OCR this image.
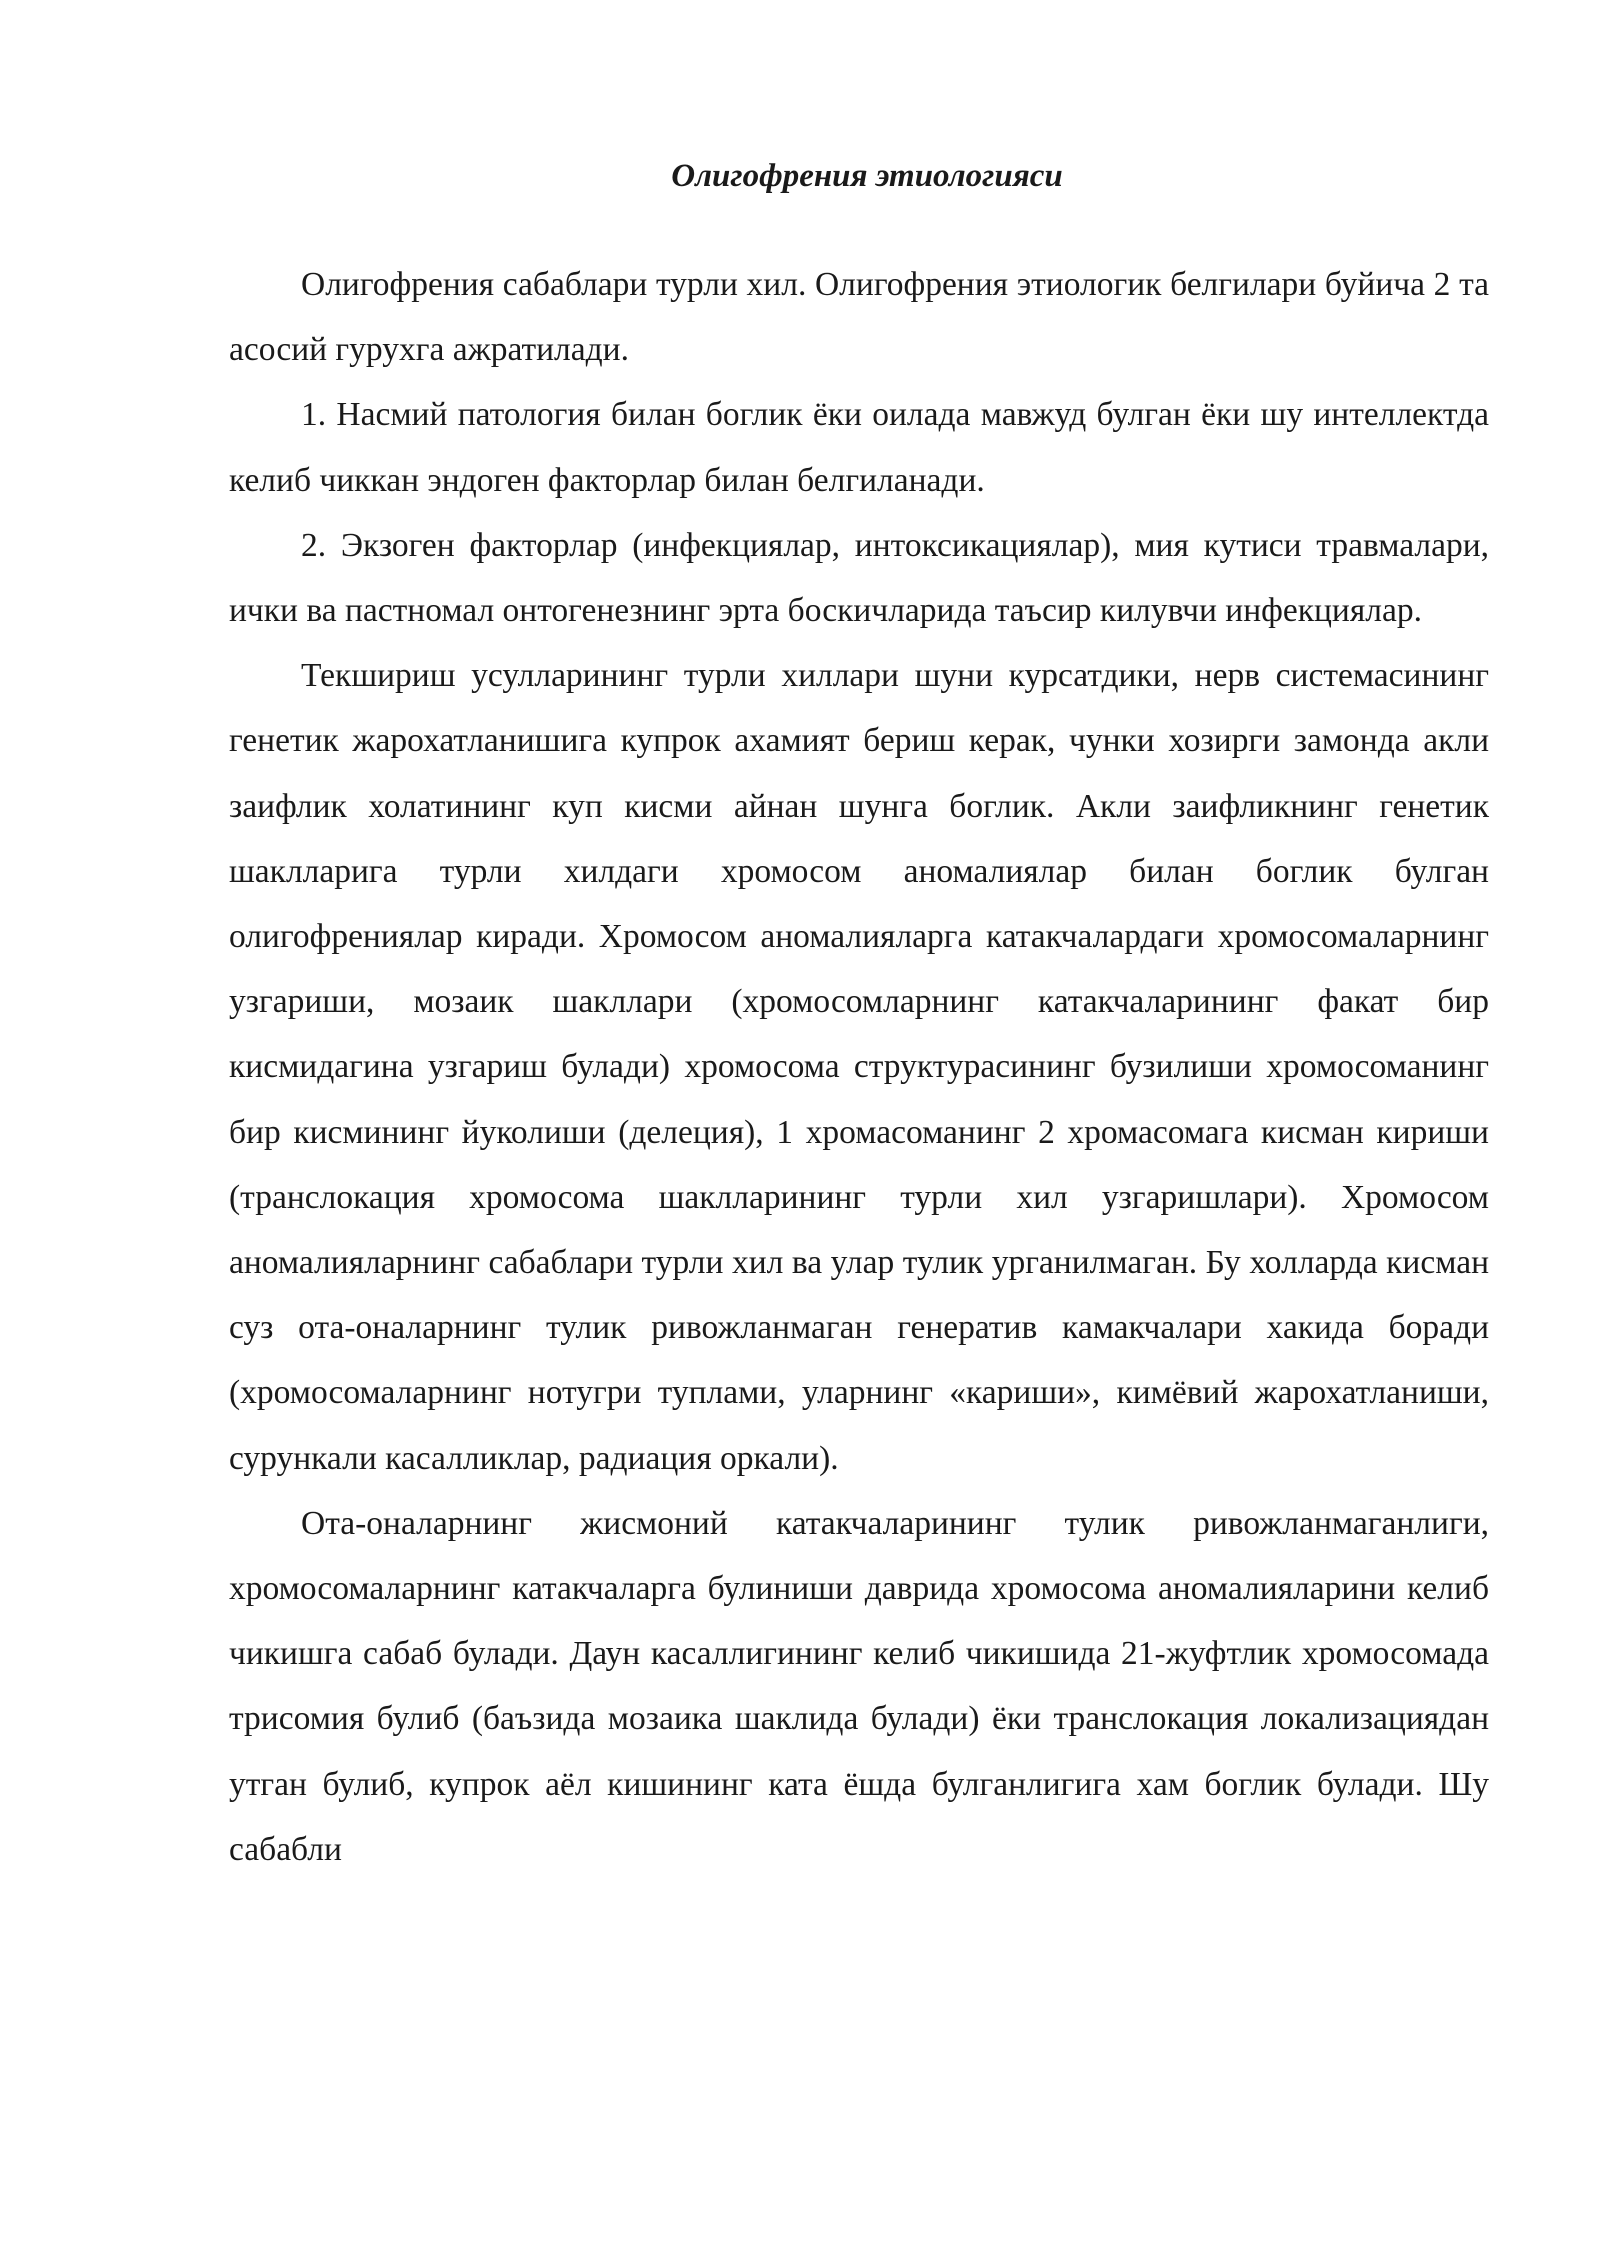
Олигофрения этиологияси

Олигофрения сабаблари турли хил. Олигофрения этиологик белгилари буйича 2 та асосий гурухга ажратилади.

1. Насмий патология билан боглик ёки оилада мавжуд булган ёки шу интеллектда келиб чиккан эндоген факторлар билан белгиланади.

2. Экзоген факторлар (инфекциялар, интоксикациялар), мия кутиси травмалари, ички ва пастномал онтогенезнинг эрта боскичларида таъсир килувчи инфекциялар.

Текшириш усулларининг турли хиллари шуни курсатдики, нерв системасининг генетик жарохатланишига купрок ахамият бериш керак, чунки хозирги замонда акли заифлик холатининг куп кисми айнан шунга боглик. Акли заифликнинг генетик шаклларига турли хилдаги хромосом аномалиялар билан боглик булган олигофрениялар киради. Хромосом аномалияларга катакчалардаги хромосомаларнинг узгариши, мозаик шакллари (хромосомларнинг катакчаларининг факат бир кисмидагина узгариш булади) хромосома структурасининг бузилиши хромосоманинг бир кисмининг йуколиши (делеция), 1 хромасоманинг 2 хромасомага кисман кириши (транслокация хромосома шаклларининг турли хил узгаришлари). Хромосом аномалияларнинг сабаблари турли хил ва улар тулик урганилмаган. Бу холларда кисман суз ота-оналарнинг тулик ривожланмаган генератив камакчалари хакида боради (хромосомаларнинг нотугри туплами, уларнинг «кариши», кимёвий жарохатланиши, сурункали касалликлар, радиация оркали).

Ота-оналарнинг жисмоний катакчаларининг тулик ривожланмаганлиги, хромосомаларнинг катакчаларга булиниши даврида хромосома аномалияларини келиб чикишга сабаб булади. Даун касаллигининг келиб чикишида 21-жуфтлик хромосомада трисомия булиб (баъзида мозаика шаклида булади) ёки транслокация локализациядан утган булиб, купрок аёл кишининг ката ёшда булганлигига хам боглик булади. Шу сабабли
